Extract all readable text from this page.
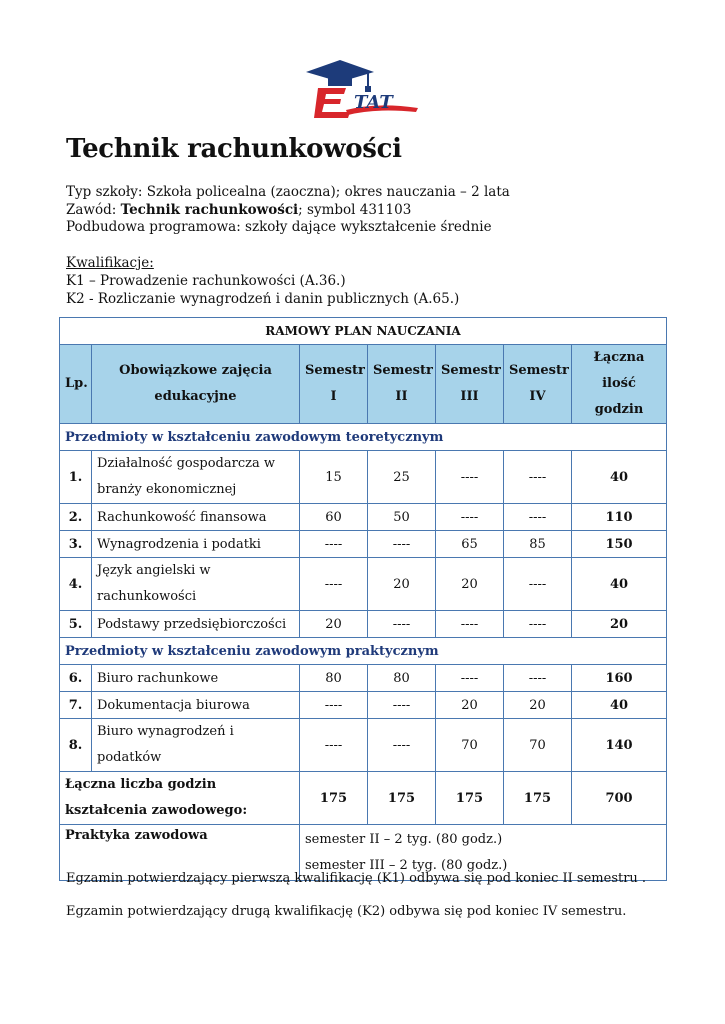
TAT
Technik rachunkowości
Typ szkoły: Szkoła policealna (zaoczna); okres nauczania – 2 lata
Zawód: Technik rachunkowości; symbol 431103
Podbudowa programowa: szkoły dające wykształcenie średnie
Kwalifikacje:
K1 – Prowadzenie rachunkowości (A.36.)
K2 - Rozliczanie wynagrodzeń i danin publicznych (A.65.)
RAMOWY PLAN NAUCZANIA						
Lp.	Obowiązkowe zajęcia edukacyjne	Semestr I	Semestr II	Semestr III	Semestr IV	Łączna ilość godzin
Przedmioty w kształceniu zawodowym teoretycznym						
1.	Działalność gospodarcza w branży ekonomicznej	15	25	----	----	40
2.	Rachunkowość finansowa	60	50	----	----	110
3.	Wynagrodzenia i podatki	----	----	65	85	150
4.	Język angielski w rachunkowości	----	20	20	----	40
5.	Podstawy przedsiębiorczości	20	----	----	----	20
Przedmioty w kształceniu zawodowym praktycznym						
6.	Biuro rachunkowe	80	80	----	----	160
7.	Dokumentacja biurowa	----	----	20	20	40
8.	Biuro wynagrodzeń i podatków	----	----	70	70	140
Łączna liczba godzin kształcenia zawodowego:		175	175	175	175	700
Praktyka zawodowa		semester II – 2 tyg. (80 godz.)
semester III – 2 tyg. (80 godz.)				
Egzamin potwierdzający pierwszą kwalifikację (K1) odbywa się pod koniec II semestru .
Egzamin potwierdzający drugą kwalifikację (K2) odbywa się pod koniec IV semestru.
